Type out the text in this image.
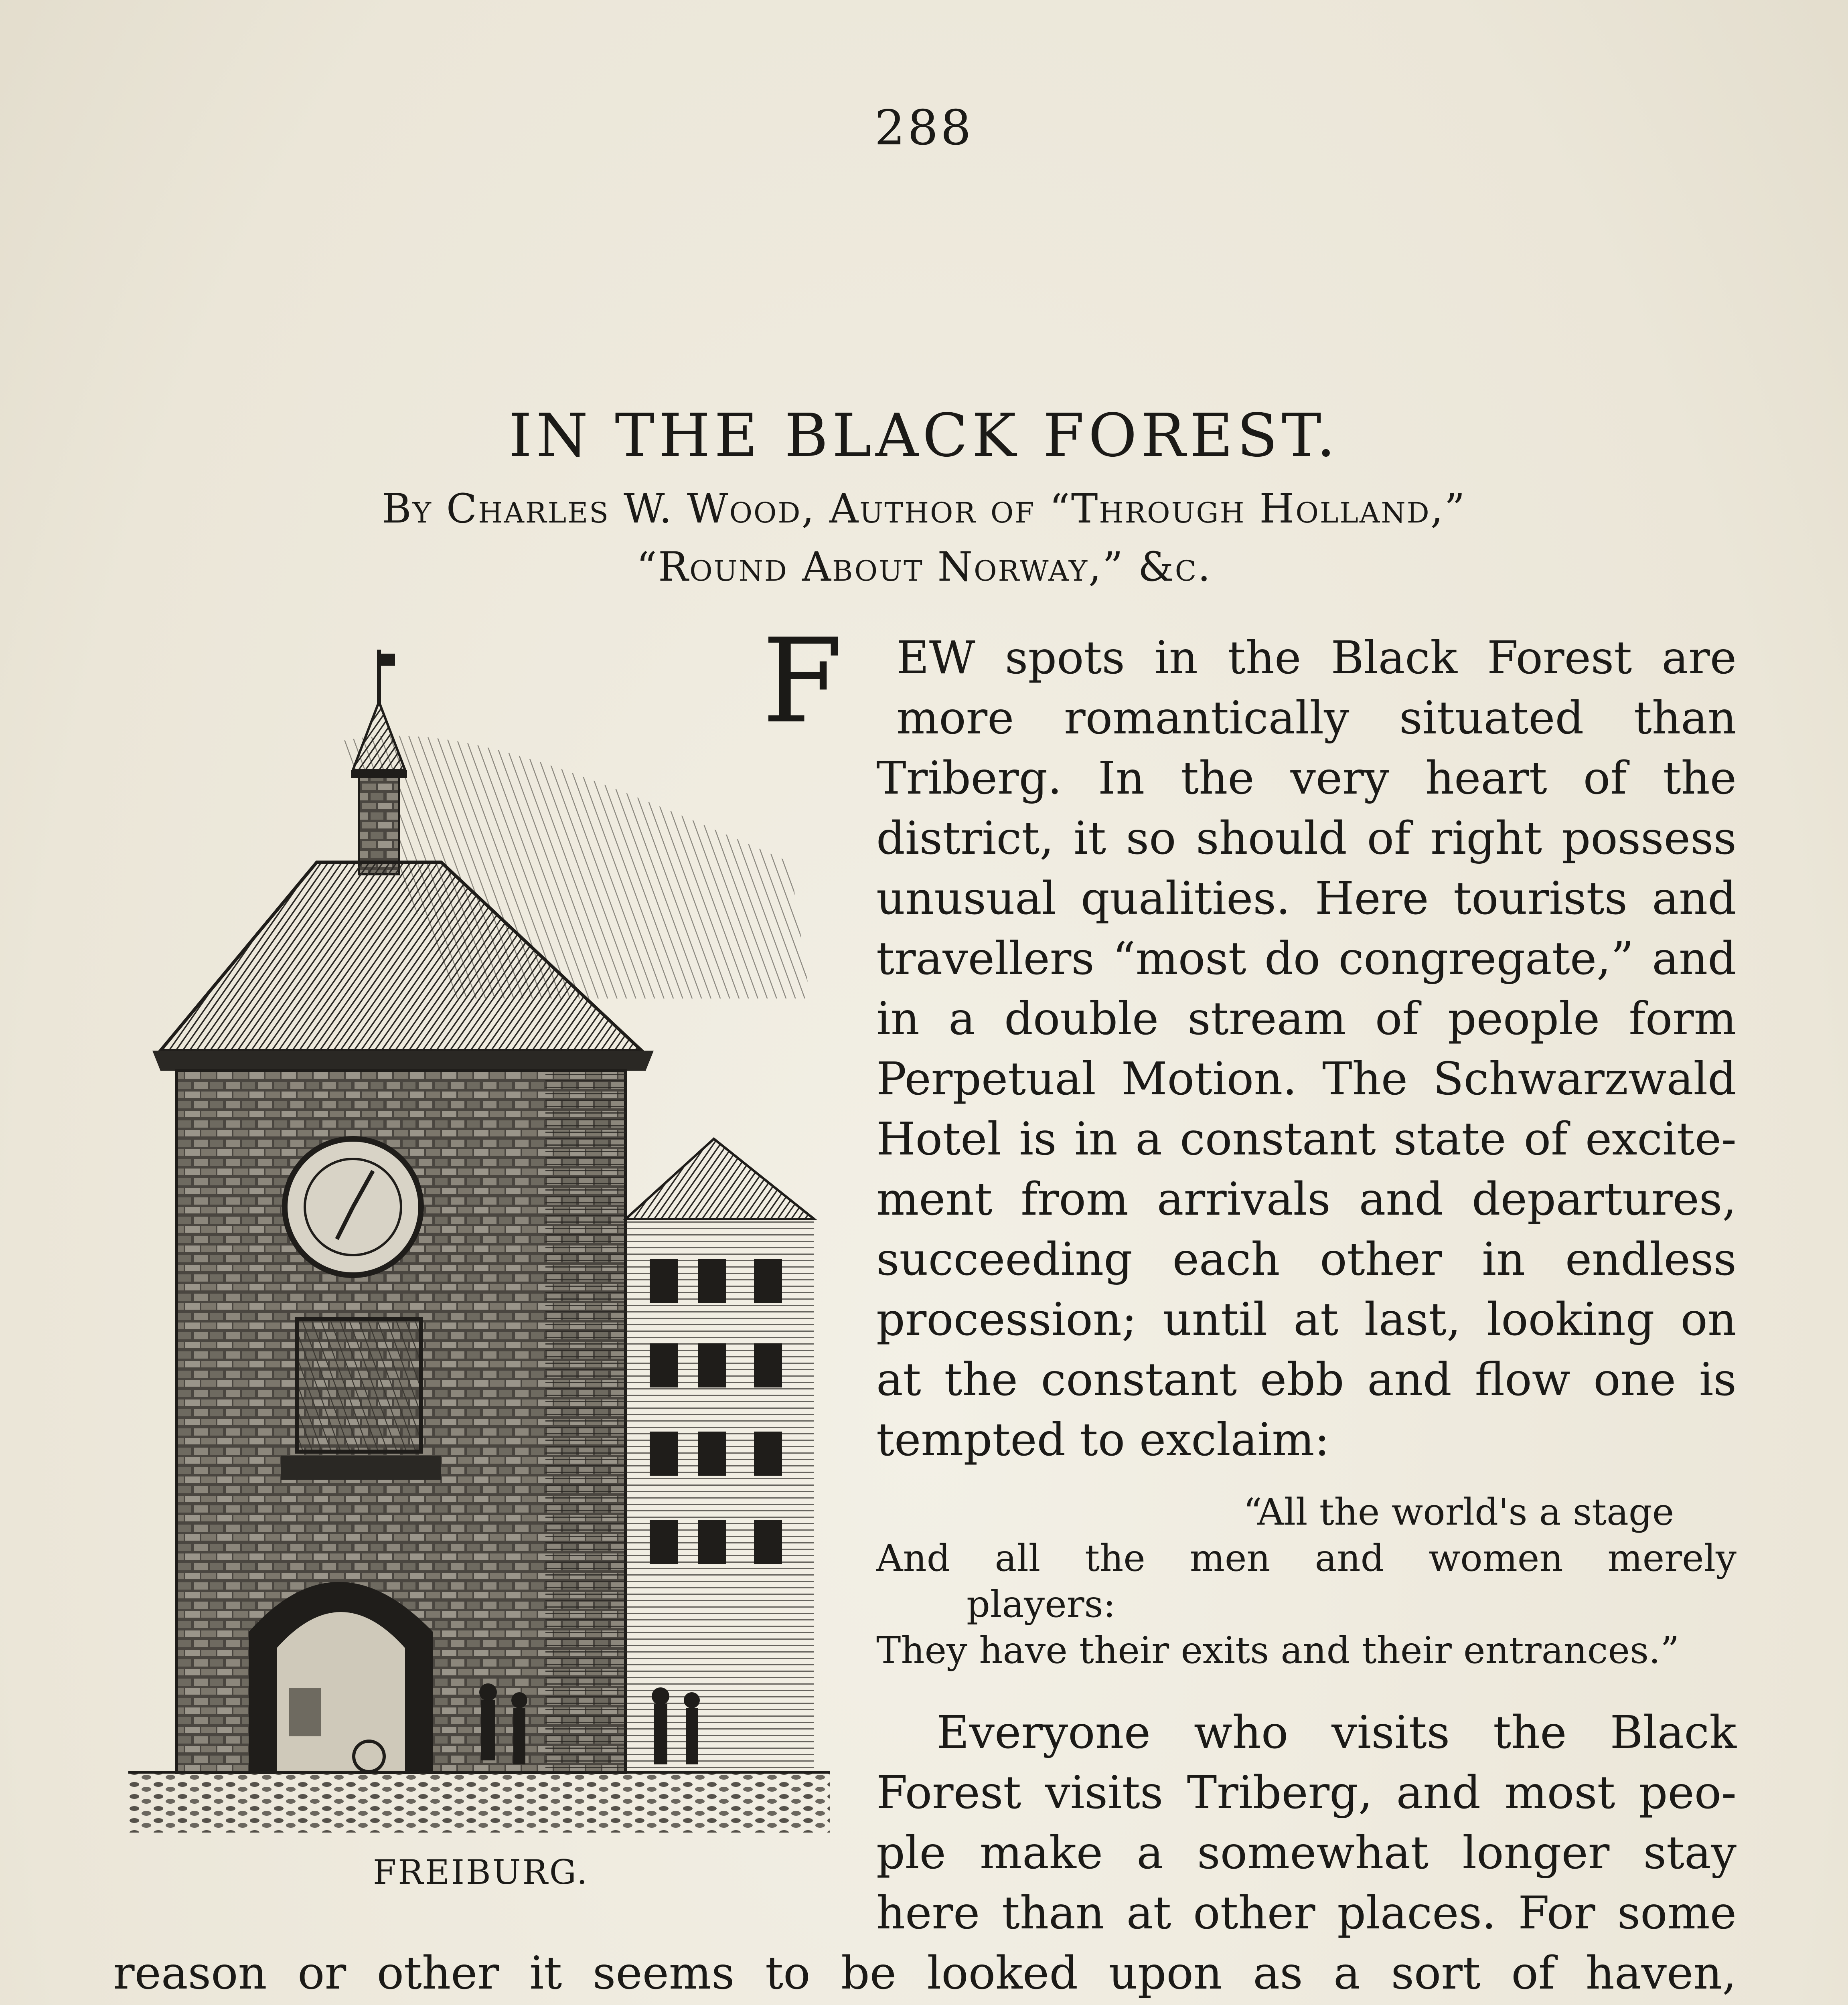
288
IN THE BLACK FOREST.
By Charles W. Wood, Author of “Through Holland,”
“Round About Norway,” &c.
FREIBURG.
F EW spots in the Black Forest are
more romantically situated than
Triberg. In the very heart of the
district, it so should of right possess
unusual qualities. Here tourists and
travellers “most do congregate,” and
in a double stream of people form
Perpetual Motion. The Schwarzwald
Hotel is in a constant state of excite-
ment from arrivals and departures,
succeeding each other in endless
procession; until at last, looking on
at the constant ebb and flow one is
tempted to exclaim:
“All the world's a stage
And all the men and women merely
players:
They have their exits and their entrances.”
Everyone who visits the Black
Forest visits Triberg, and most peo-
ple make a somewhat longer stay
here than at other places. For some
reason or other it seems to be looked upon as a sort of haven,
